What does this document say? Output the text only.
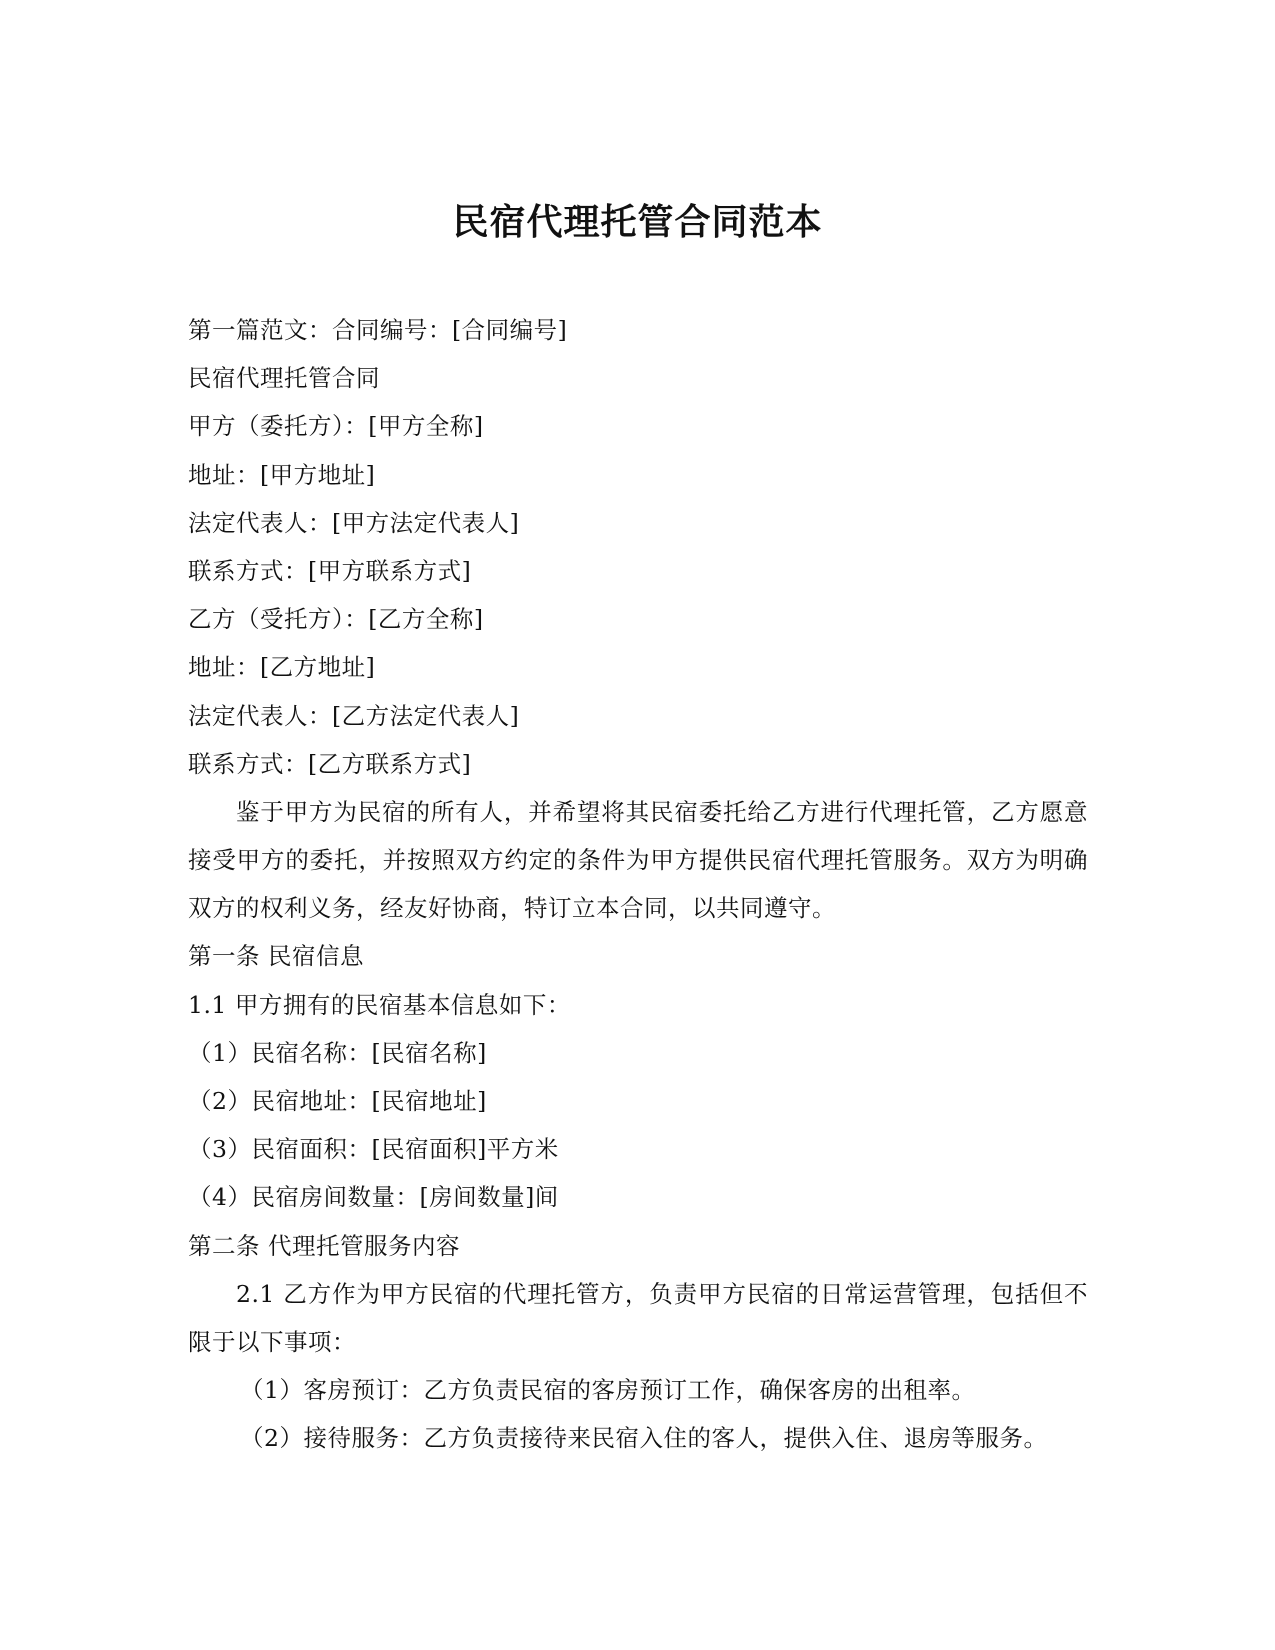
民宿代理托管合同范本
第一篇范文：合同编号：[合同编号]
民宿代理托管合同
甲方（委托方）：[甲方全称]
地址：[甲方地址]
法定代表人：[甲方法定代表人]
联系方式：[甲方联系方式]
乙方（受托方）：[乙方全称]
地址：[乙方地址]
法定代表人：[乙方法定代表人]
联系方式：[乙方联系方式]
鉴于甲方为民宿的所有人，并希望将其民宿委托给乙方进行代理托管，乙方愿意接受甲方的委托，并按照双方约定的条件为甲方提供民宿代理托管服务。双方为明确双方的权利义务，经友好协商，特订立本合同，以共同遵守。
第一条 民宿信息
1.1 甲方拥有的民宿基本信息如下：
（1）民宿名称：[民宿名称]
（2）民宿地址：[民宿地址]
（3）民宿面积：[民宿面积]平方米
（4）民宿房间数量：[房间数量]间
第二条 代理托管服务内容
2.1 乙方作为甲方民宿的代理托管方，负责甲方民宿的日常运营管理，包括但不限于以下事项：
（1）客房预订：乙方负责民宿的客房预订工作，确保客房的出租率。
（2）接待服务：乙方负责接待来民宿入住的客人，提供入住、退房等服务。
